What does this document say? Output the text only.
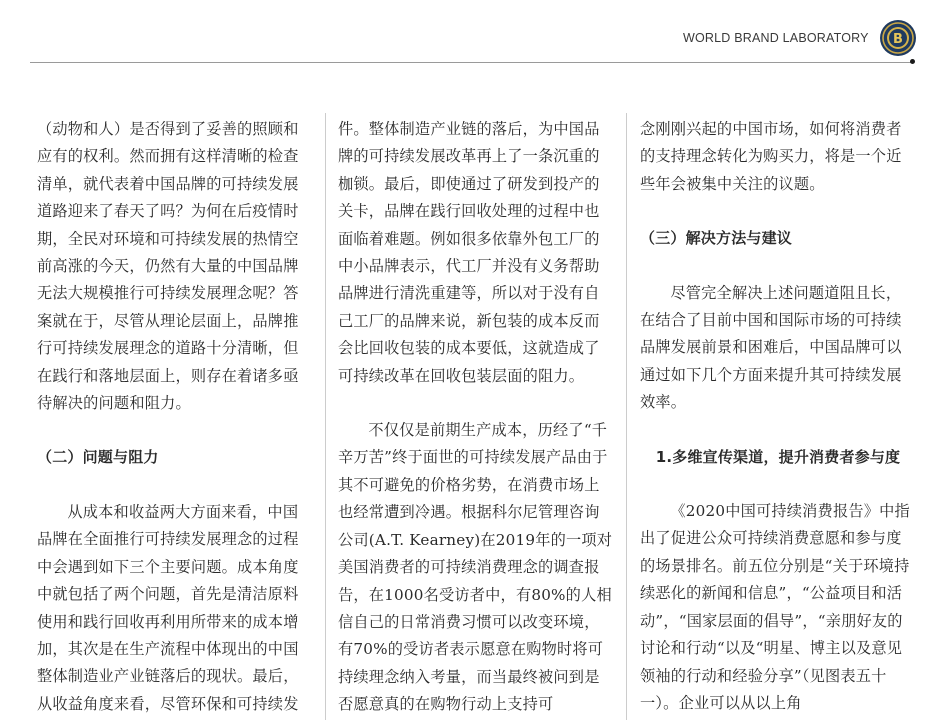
WORLD BRAND LABORATORY B

（动物和人）是否得到了妥善的照顾和应有的权利。然而拥有这样清晰的检查清单，就代表着中国品牌的可持续发展道路迎来了春天了吗？为何在后疫情时期，全民对环境和可持续发展的热情空前高涨的今天，仍然有大量的中国品牌无法大规模推行可持续发展理念呢？答案就在于，尽管从理论层面上，品牌推行可持续发展理念的道路十分清晰，但在践行和落地层面上，则存在着诸多亟待解决的问题和阻力。

（二）问题与阻力

从成本和收益两大方面来看，中国品牌在全面推行可持续发展理念的过程中会遇到如下三个主要问题。成本角度中就包括了两个问题，首先是清洁原料使用和践行回收再利用所带来的成本增加，其次是在生产流程中体现出的中国整体制造业产业链落后的现状。最后，从收益角度来看，尽管环保和可持续发

件。整体制造产业链的落后，为中国品牌的可持续发展改革再上了一条沉重的枷锁。最后，即使通过了研发到投产的关卡，品牌在践行回收处理的过程中也面临着难题。例如很多依靠外包工厂的中小品牌表示，代工厂并没有义务帮助品牌进行清洗重建等，所以对于没有自己工厂的品牌来说，新包装的成本反而会比回收包装的成本要低，这就造成了可持续改革在回收包装层面的阻力。

不仅仅是前期生产成本，历经了“千辛万苦”终于面世的可持续发展产品由于其不可避免的价格劣势，在消费市场上也经常遭到冷遇。根据科尔尼管理咨询公司(A.T. Kearney)在2019年的一项对美国消费者的可持续消费理念的调查报告，在1000名受访者中，有80%的人相信自己的日常消费习惯可以改变环境，有70%的受访者表示愿意在购物时将可持续理念纳入考量，而当最终被问到是否愿意真的在购物行动上支持可

念刚刚兴起的中国市场，如何将消费者的支持理念转化为购买力，将是一个近些年会被集中关注的议题。

（三）解决方法与建议

尽管完全解决上述问题道阻且长，在结合了目前中国和国际市场的可持续品牌发展前景和困难后，中国品牌可以通过如下几个方面来提升其可持续发展效率。

1.多维宣传渠道，提升消费者参与度

《2020中国可持续消费报告》中指出了促进公众可持续消费意愿和参与度的场景排名。前五位分别是“关于环境持续恶化的新闻和信息”，“公益项目和活动”，“国家层面的倡导”，“亲朋好友的讨论和行动“以及“明星、博主以及意见领袖的行动和经验分享”（见图表五十一）。企业可以从以上角
